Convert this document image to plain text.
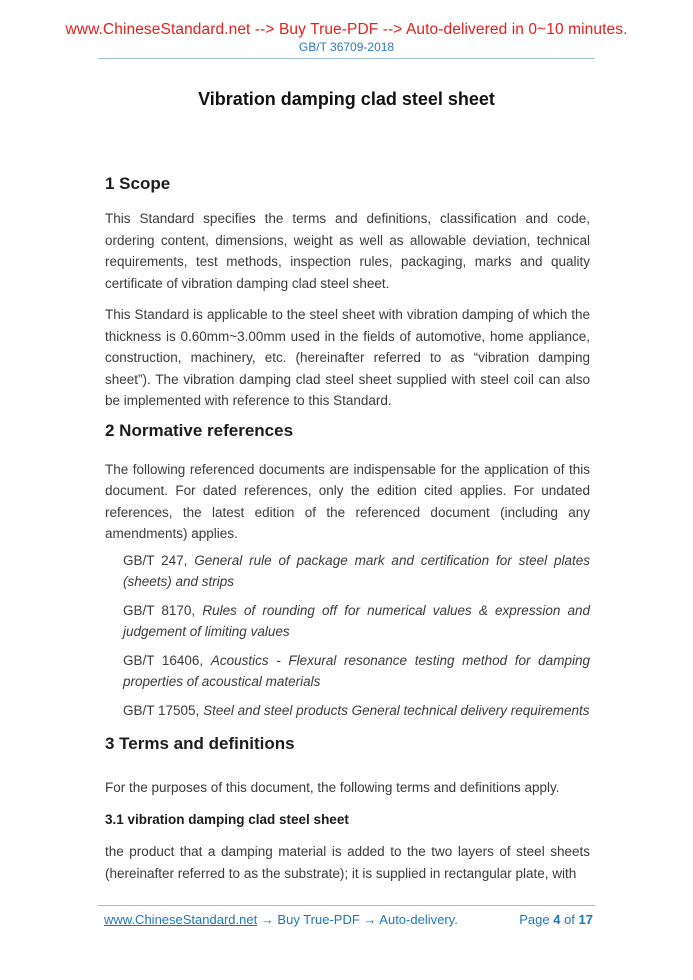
www.ChineseStandard.net --> Buy True-PDF --> Auto-delivered in 0~10 minutes.
GB/T 36709-2018
Vibration damping clad steel sheet
1 Scope

This Standard specifies the terms and definitions, classification and code, ordering content, dimensions, weight as well as allowable deviation, technical requirements, test methods, inspection rules, packaging, marks and quality certificate of vibration damping clad steel sheet.

This Standard is applicable to the steel sheet with vibration damping of which the thickness is 0.60mm~3.00mm used in the fields of automotive, home appliance, construction, machinery, etc. (hereinafter referred to as “vibration damping sheet”). The vibration damping clad steel sheet supplied with steel coil can also be implemented with reference to this Standard.

2 Normative references

The following referenced documents are indispensable for the application of this document. For dated references, only the edition cited applies. For undated references, the latest edition of the referenced document (including any amendments) applies.

GB/T 247, General rule of package mark and certification for steel plates (sheets) and strips

GB/T 8170, Rules of rounding off for numerical values & expression and judgement of limiting values

GB/T 16406, Acoustics - Flexural resonance testing method for damping properties of acoustical materials

GB/T 17505, Steel and steel products General technical delivery requirements

3 Terms and definitions

For the purposes of this document, the following terms and definitions apply.

3.1 vibration damping clad steel sheet

the product that a damping material is added to the two layers of steel sheets (hereinafter referred to as the substrate); it is supplied in rectangular plate, with

www.ChineseStandard.net → Buy True-PDF → Auto-delivery.	Page 4 of 17
